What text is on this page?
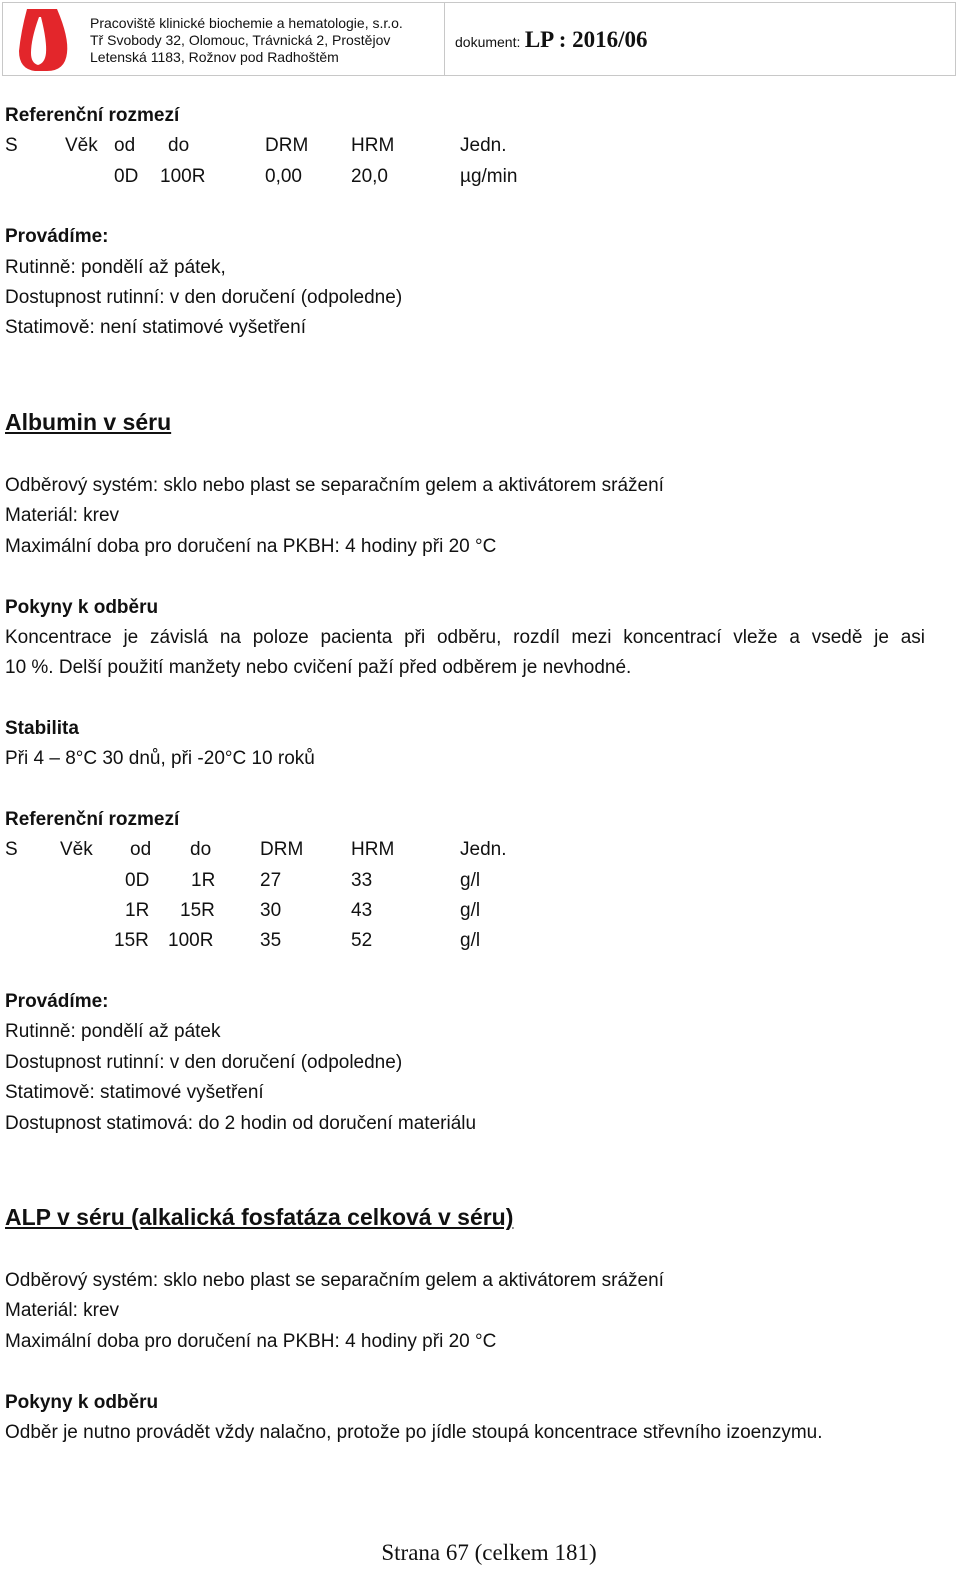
Pracoviště klinické biochemie a hematologie, s.r.o.
Tř Svobody 32, Olomouc, Trávnická 2, Prostějov
Letenská 1183, Rožnov pod Radhoštěm
dokument: LP : 2016/06
Referenční rozmezí
S Věk od do	DRM HRM	Jedn.
0D 100R	0,00	20,0	µg/min
Provádíme:
Rutinně: pondělí až pátek,
Dostupnost rutinní: v den doručení (odpoledne)
Statimově: není statimové vyšetření
Albumin v séru
Odběrový systém: sklo nebo plast se separačním gelem a aktivátorem srážení
Materiál: krev
Maximální doba pro doručení na PKBH: 4 hodiny při 20 °C
Pokyny k odběru
Koncentrace je závislá na poloze pacienta při odběru, rozdíl mezi koncentrací vleže a vsedě je asi
10 %. Delší použití manžety nebo cvičení paží před odběrem je nevhodné.
Stabilita
Při 4 – 8°C 30 dnů, při -20°C 10 roků
Referenční rozmezí
S Věk od do	DRM	HRM	Jedn.
0D 1R 27	33	g/l
1R 15R 30	43	g/l
15R 100R 35	52	g/l
Provádíme:
Rutinně: pondělí až pátek
Dostupnost rutinní: v den doručení (odpoledne)
Statimově: statimové vyšetření
Dostupnost statimová: do 2 hodin od doručení materiálu
ALP v séru (alkalická fosfatáza celková v séru)
Odběrový systém: sklo nebo plast se separačním gelem a aktivátorem srážení
Materiál: krev
Maximální doba pro doručení na PKBH: 4 hodiny při 20 °C
Pokyny k odběru
Odběr je nutno provádět vždy nalačno, protože po jídle stoupá koncentrace střevního izoenzymu.
Strana 67 (celkem 181)
